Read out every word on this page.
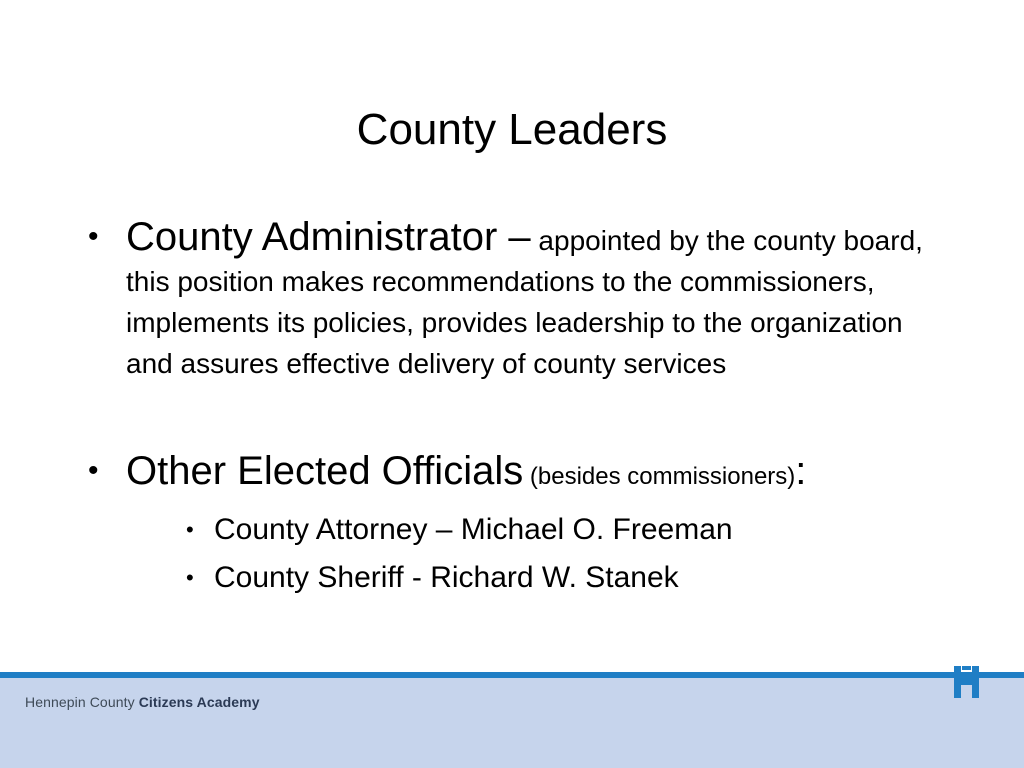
County Leaders
• County Administrator – appointed by the county board, this position makes recommendations to the commissioners, implements its policies, provides leadership to the organization and assures effective delivery of county services
• Other Elected Officials (besides commissioners):
• County Attorney – Michael O. Freeman
• County Sheriff - Richard W. Stanek
Hennepin County Citizens Academy
